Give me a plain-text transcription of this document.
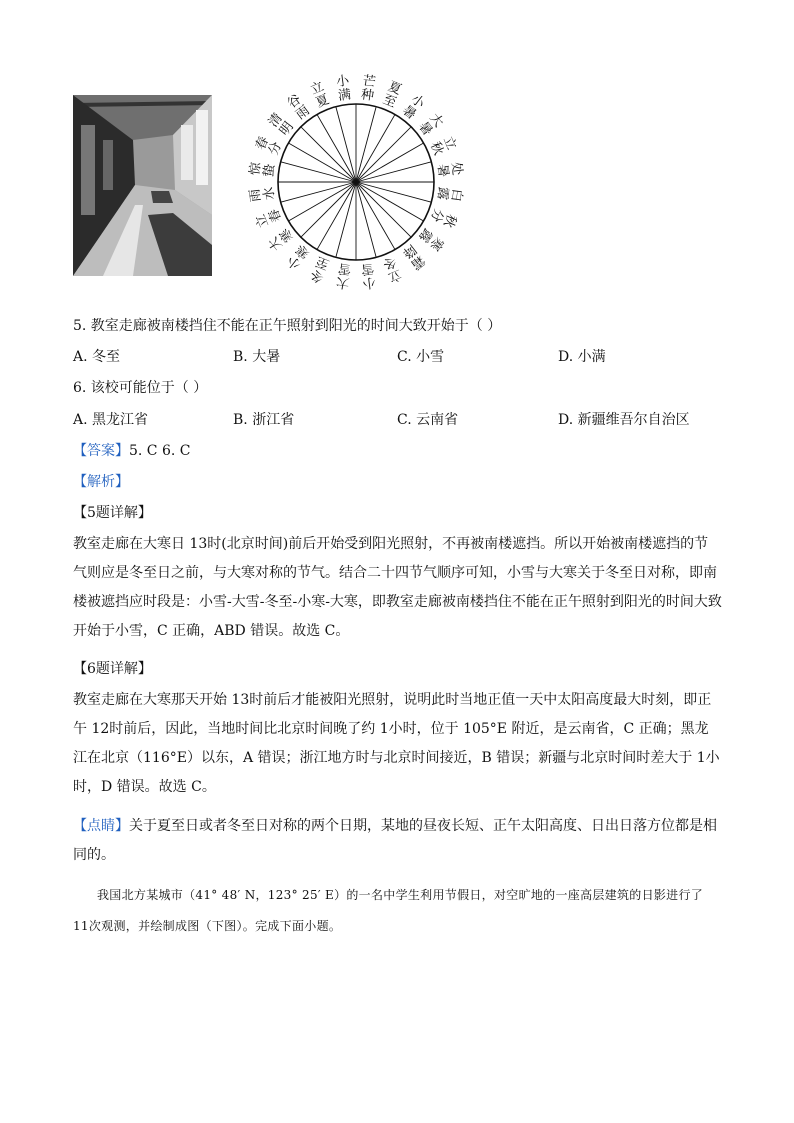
夏
至 小
暑 大
暑
立
秋
处
暑
白
露
秋
分
寒
露
霜
降
立
冬
小
雪
大
雪
冬
至
小
寒
大
寒
立
春
雨
水
惊
蛰
春
分
清
明
谷
雨
立
夏
小
满
芒
种
5. 教室走廊被南楼挡住不能在正午照射到阳光的时间大致开始于（ ）
A. 冬至	B. 大暑	C. 小雪	D. 小满
6. 该校可能位于（ ）
A. 黑龙江省	B. 浙江省	C. 云南省	D. 新疆维吾尔自治区
【答案】5. C 6. C
【解析】
【5题详解】
教室走廊在大寒日 13时(北京时间)前后开始受到阳光照射，不再被南楼遮挡。所以开始被南楼遮挡的节气则应是冬至日之前，与大寒对称的节气。结合二十四节气顺序可知，小雪与大寒关于冬至日对称，即南楼被遮挡应时段是：小雪-大雪-冬至-小寒-大寒，即教室走廊被南楼挡住不能在正午照射到阳光的时间大致开始于小雪，C 正确，ABD 错误。故选 C。
【6题详解】
教室走廊在大寒那天开始 13时前后才能被阳光照射，说明此时当地正值一天中太阳高度最大时刻，即正午 12时前后，因此，当地时间比北京时间晚了约 1小时，位于 105°E 附近，是云南省，C 正确；黑龙江在北京（116°E）以东，A 错误；浙江地方时与北京时间接近，B 错误；新疆与北京时间时差大于 1小时，D 错误。故选 C。
【点睛】关于夏至日或者冬至日对称的两个日期，某地的昼夜长短、正午太阳高度、日出日落方位都是相同的。
我国北方某城市（41° 48′ N，123° 25′ E）的一名中学生利用节假日，对空旷地的一座高层建筑的日影进行了 11次观测，并绘制成图（下图）。完成下面小题。
